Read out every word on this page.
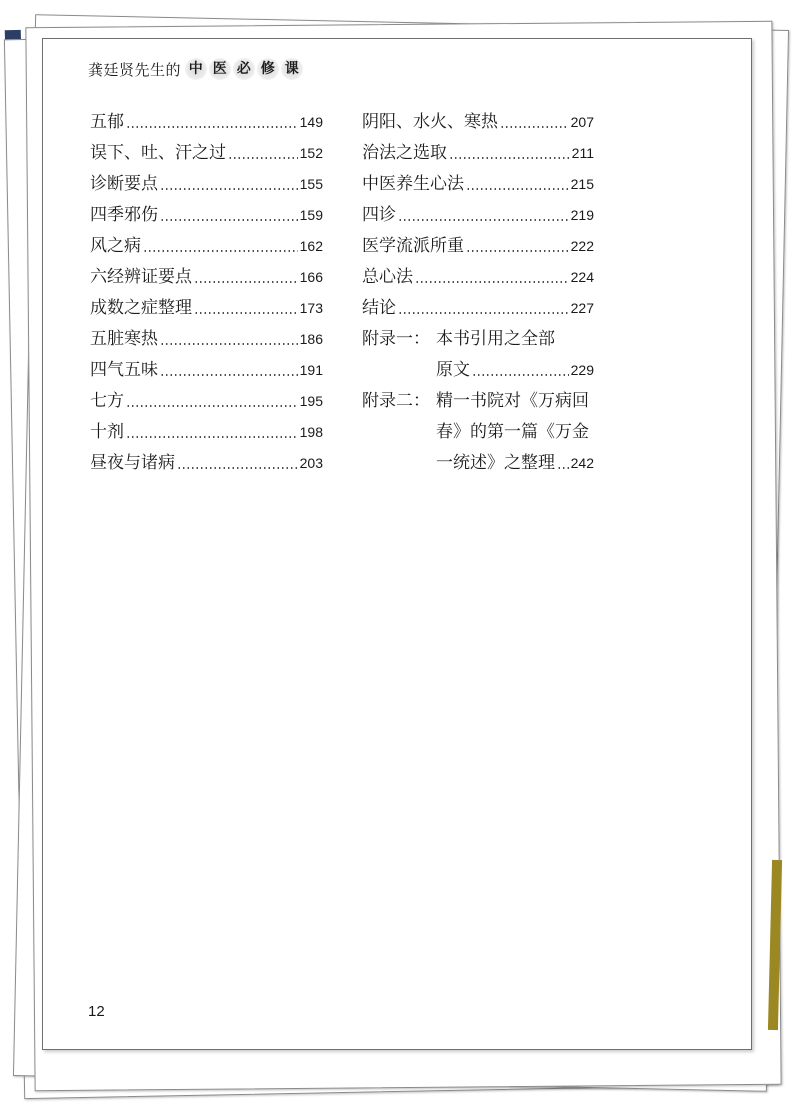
龚廷贤先生的 中 医 必 修 课
五郁	149
误下、吐、汗之过	152
诊断要点	155
四季邪伤	159
风之病	162
六经辨证要点	166
成数之症整理	173
五脏寒热	186
四气五味	191
七方	195
十剂	198
昼夜与诸病	203
阴阳、水火、寒热	207
治法之选取	211
中医养生心法	215
四诊	219
医学流派所重	222
总心法	224
结论	227
附录一： 本书引用之全部
原文	229
附录二： 精一书院对《万病回
春》的第一篇《万金
一统述》之整理 242
12
